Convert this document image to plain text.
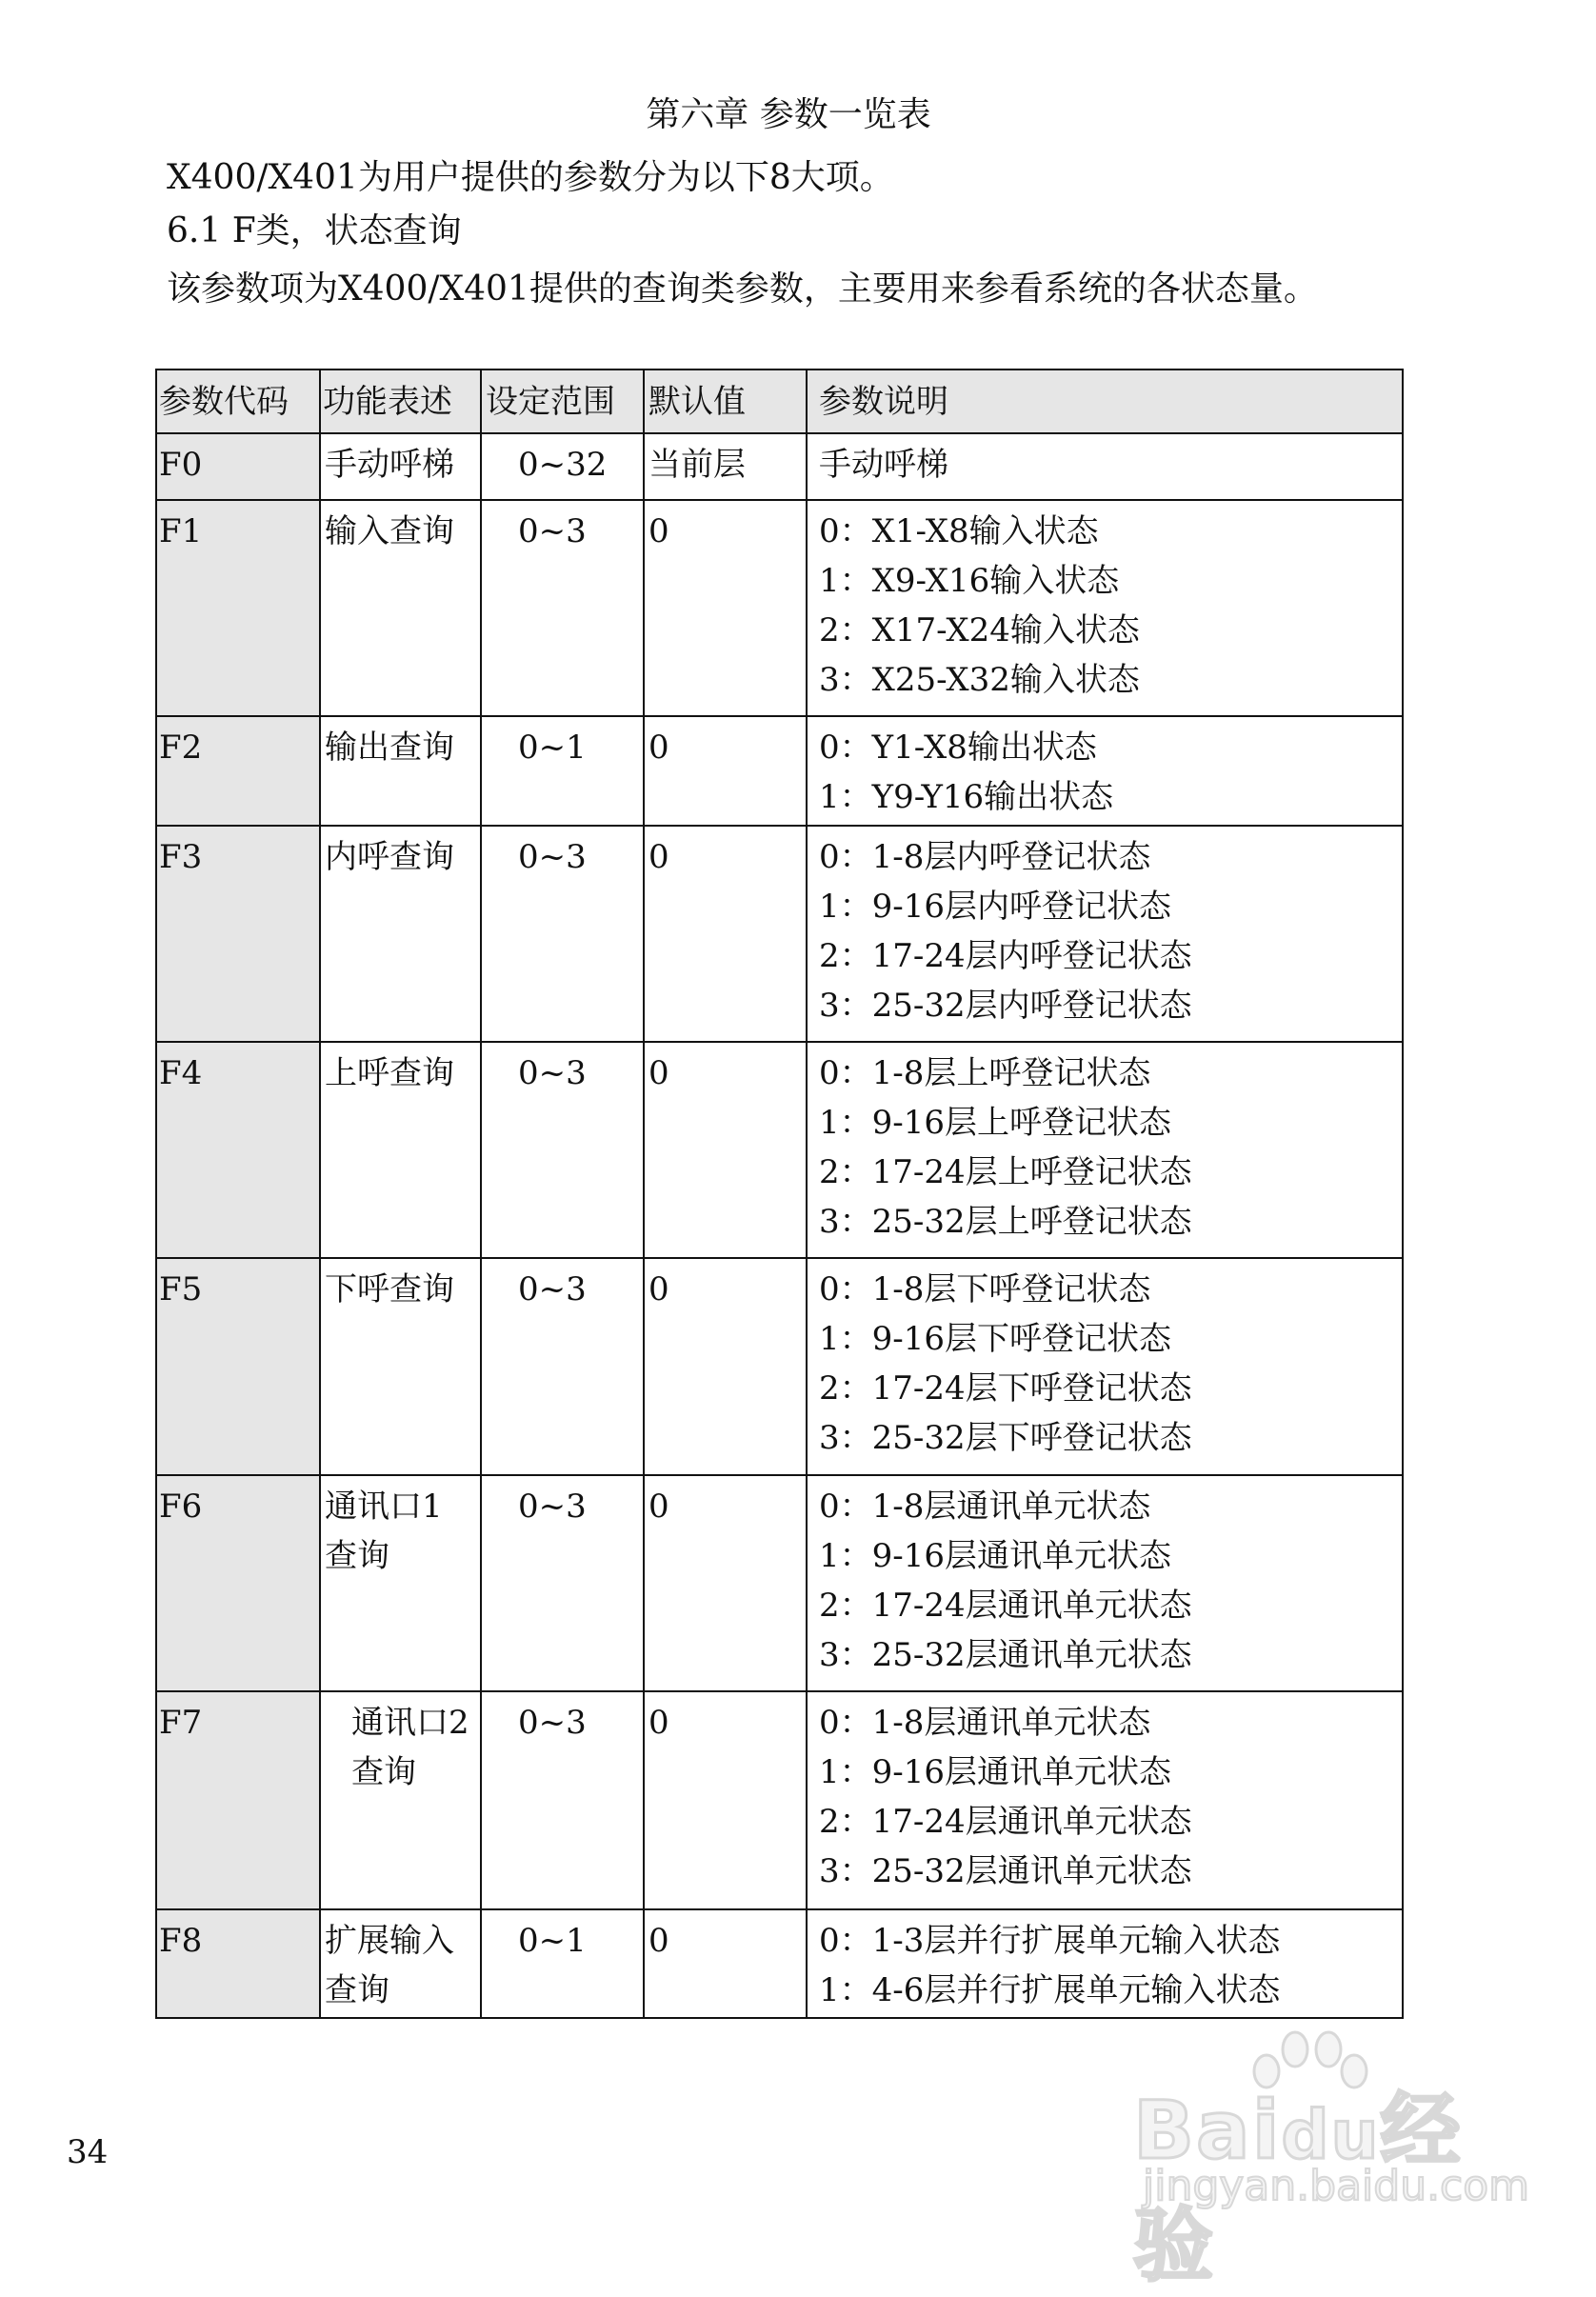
第六章 参数一览表
X400/X401为用户提供的参数分为以下8大项。
6.1 F类，状态查询
该参数项为X400/X401提供的查询类参数，主要用来参看系统的各状态量。
参数代码	功能表述	设定范围	默认值	参数说明
F0	手动呼梯	0~32	当前层	手动呼梯

F1	输入查询	0~3	0	0：X1-X8输入状态
1：X9-X16输入状态
2：X17-X24输入状态
3：X25-X32输入状态

F2	输出查询	0~1	0	0：Y1-X8输出状态
1：Y9-Y16输出状态

F3	内呼查询	0~3	0	0：1-8层内呼登记状态
1：9-16层内呼登记状态
2：17-24层内呼登记状态
3：25-32层内呼登记状态

F4	上呼查询	0~3	0	0：1-8层上呼登记状态
1：9-16层上呼登记状态
2：17-24层上呼登记状态
3：25-32层上呼登记状态

F5	下呼查询	0~3	0	0：1-8层下呼登记状态
1：9-16层下呼登记状态
2：17-24层下呼登记状态
3：25-32层下呼登记状态

F6	通讯口1
查询	0~3	0	0：1-8层通讯单元状态
1：9-16层通讯单元状态
2：17-24层通讯单元状态
3：25-32层通讯单元状态

F7	通讯口2
查询	0~3	0	0：1-8层通讯单元状态
1：9-16层通讯单元状态
2：17-24层通讯单元状态
3：25-32层通讯单元状态

F8	扩展输入
查询	0~1	0	0：1-3层并行扩展单元输入状态
1：4-6层并行扩展单元输入状态
34	Baidu经验
jingyan.baidu.com
